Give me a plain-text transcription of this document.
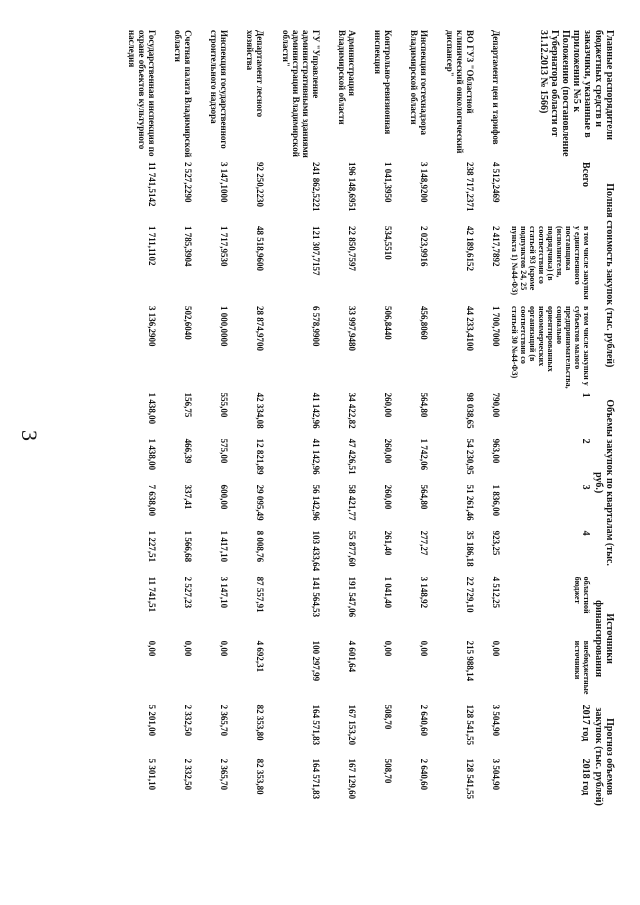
3
Главные распорядители бюджетных средств и заказчики, указанные в приложении №5 к Положению (постановление Губернатора области от 31.12.2013 № 1566)	Полная стоимость закупок (тыс. рублей)			Объемы закупок по кварталам (тыс. руб.)				Источники финансирования		Прогноз объемов закупок (тыс. рублей)	
	Всего	в том числе закупки у единственного поставщика (исполнителя, подрядчика) (в соответствии со статьей 93 (кроме подпунктов 24, 25 пункта 1) №44-ФЗ)	в том числе закупки у субъектов малого предпринимательства, социально ориентированных некоммерческих организаций (в соответствии со статьей 30 №44-ФЗ)	1	2	3	4	областной бюджет	внебюджетные источники	2017 год	2018 год
Департамент цен и тарифов	4 512,2469	2 417,7892	1 700,7000	790,00	963,00	1 836,00	923,25	4 512,25	0,00	3 504,90	3 504,90
ВО ГУЗ "Областной клинический онкологический диспансер"	238 717,2371	42 189,6152	44 233,4100	98 038,65	54 230,95	51 261,46	35 186,18	22 729,10	215 988,14	128 541,55	128 541,55
Инспекция гостехнадзора Владимирской области	3 148,9200	2 023,9916	456,8060	564,80	1 742,06	564,80	277,27	3 148,92	0,00	2 640,60	2 640,60
Контрольно-ревизионная инспекция	1 041,3950	534,5510	506,8440	260,00	260,00	260,00	261,40	1 041,40	0,00	508,70	508,70
Администрация Владимирской области	196 148,6951	22 850,7597	33 997,9480	34 422,82	47 426,51	58 421,77	55 877,60	191 547,06	4 601,64	167 153,20	167 129,60
ГУ "Управление административными зданиями администрации Владимирской области"	241 862,5221	121 307,7157	6 578,9900	41 142,96	41 142,96	56 142,96	103 433,64	141 564,53	100 297,99	164 571,83	164 571,83
Департамент лесного хозяйства	92 250,2230	48 518,9600	28 874,9700	42 334,08	12 821,89	29 095,49	8 008,76	87 557,91	4 692,31	82 353,80	82 353,80
Инспекция государственного строительного надзора	3 147,1000	1 717,9530	1 000,0000	555,00	575,00	600,00	1 417,10	3 147,10	0,00	2 365,70	2 365,70
Счетная палата Владимирской области	2 527,2290	1 785,3904	502,6040	156,75	466,39	337,41	1 566,68	2 527,23	0,00	2 332,50	2 332,50
Государственная инспекция по охране объектов культурного наследия	11 741,5142	1 711,1102	3 136,2900	1 438,00	1 438,00	7 638,00	1 227,51	11 741,51	0,00	5 201,00	5 301,10
